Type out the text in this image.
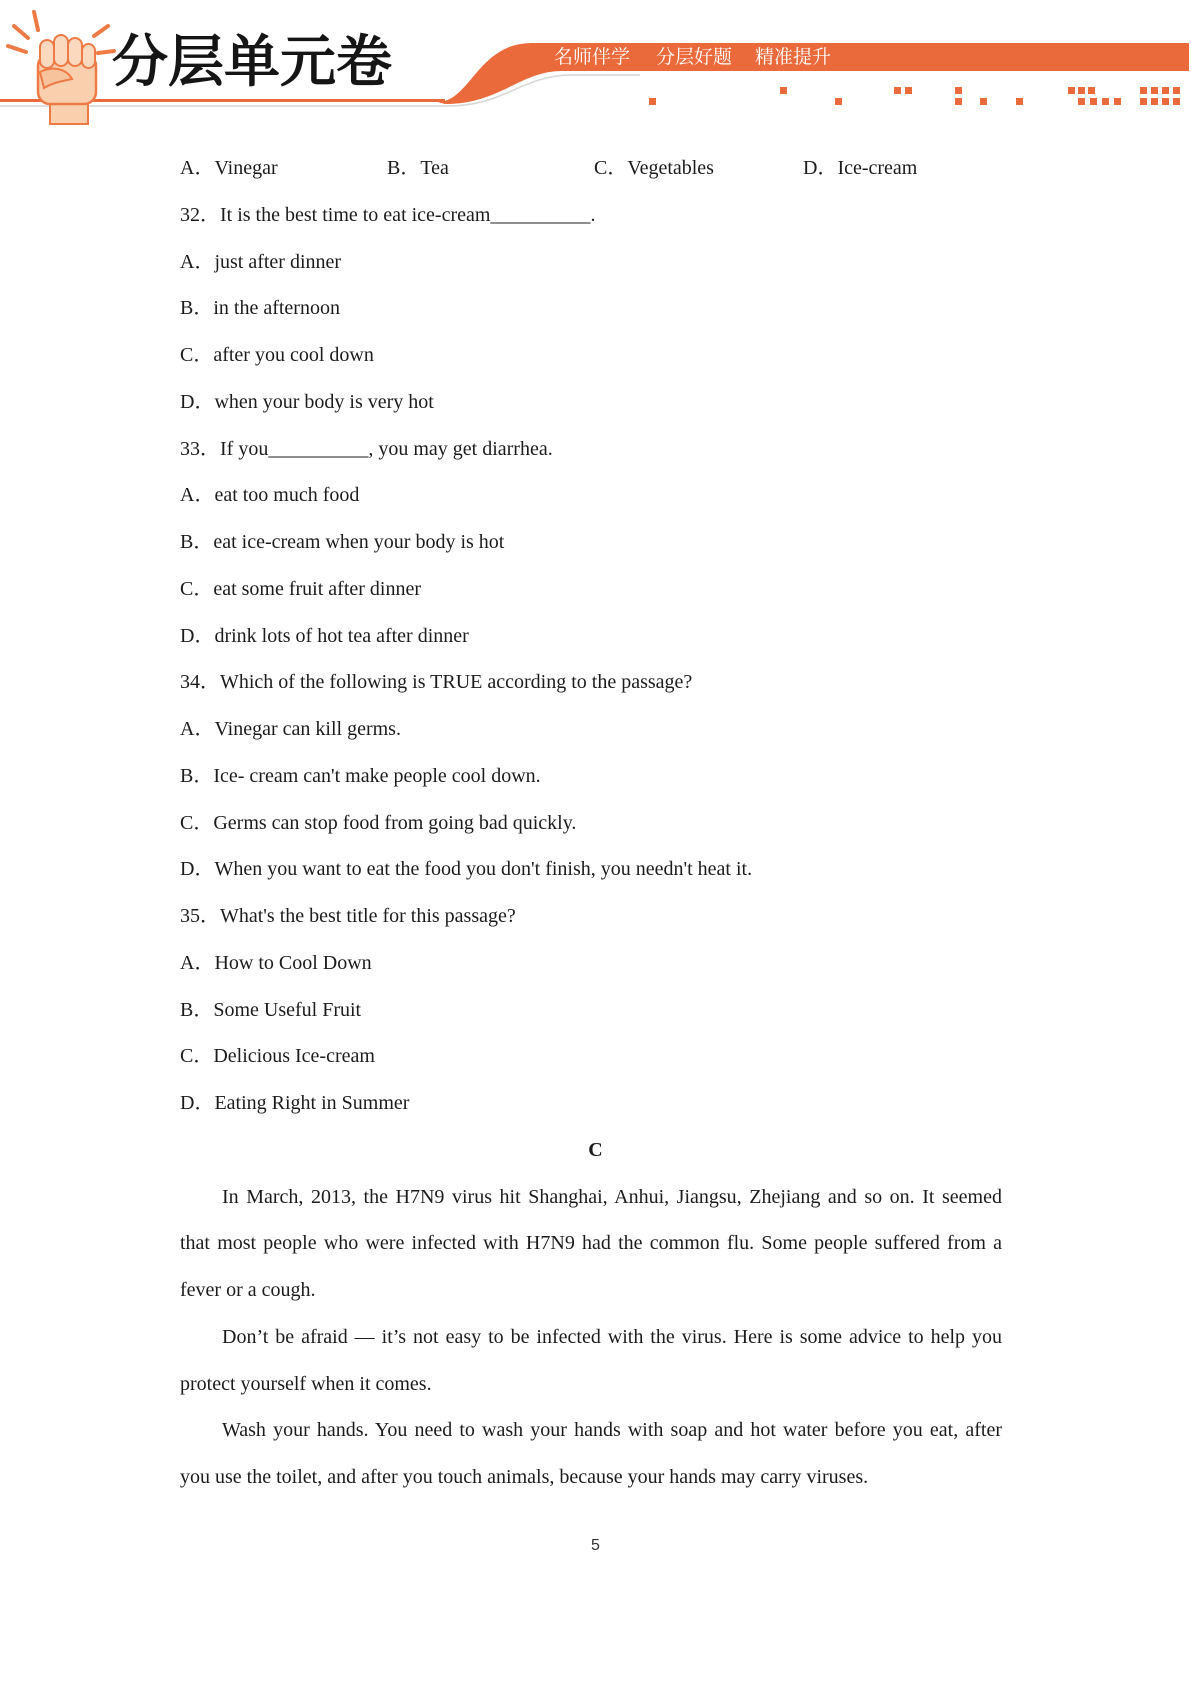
分层单元卷	名师伴学 分层好题 精准提升
A．Vinegar	B．Tea	C．Vegetables	D．Ice-cream
32．It is the best time to eat ice-cream__________.
A．just after dinner
B．in the afternoon
C．after you cool down
D．when your body is very hot
33．If you__________, you may get diarrhea.
A．eat too much food
B．eat ice-cream when your body is hot
C．eat some fruit after dinner
D．drink lots of hot tea after dinner
34．Which of the following is TRUE according to the passage?
A．Vinegar can kill germs.
B．Ice- cream can't make people cool down.
C．Germs can stop food from going bad quickly.
D．When you want to eat the food you don't finish, you needn't heat it.
35．What's the best title for this passage?
A．How to Cool Down
B．Some Useful Fruit
C．Delicious Ice-cream
D．Eating Right in Summer
C
In March, 2013, the H7N9 virus hit Shanghai, Anhui, Jiangsu, Zhejiang and so on. It seemed
that most people who were infected with H7N9 had the common flu. Some people suffered from a
fever or a cough.
Don’t be afraid — it’s not easy to be infected with the virus. Here is some advice to help you
protect yourself when it comes.
Wash your hands. You need to wash your hands with soap and hot water before you eat, after
you use the toilet, and after you touch animals, because your hands may carry viruses.
5
